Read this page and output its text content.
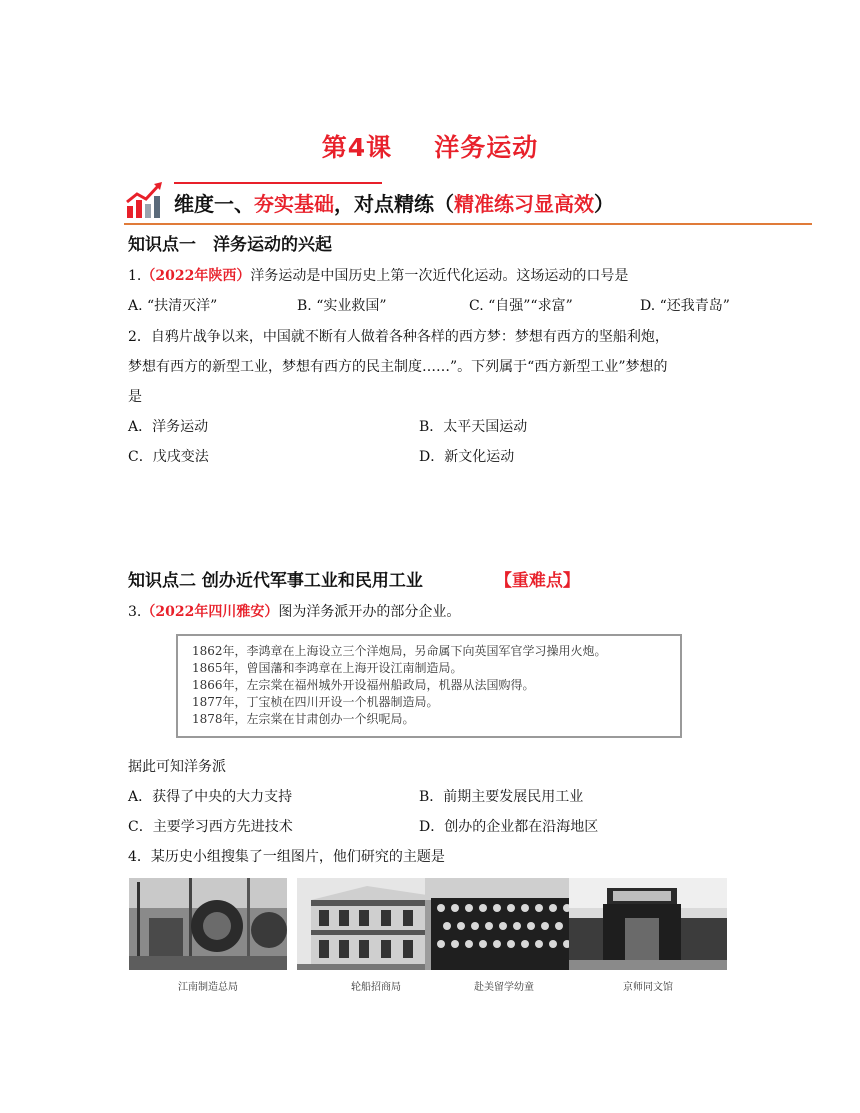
第4课 洋务运动
维度一、夯实基础，对点精练（精准练习显高效）
知识点一　洋务运动的兴起
1.（2022年陕西）洋务运动是中国历史上第一次近代化运动。这场运动的口号是
A. “扶清灭洋”	B. “实业救国”	C. “自强”“求富”	D. “还我青岛”
2．自鸦片战争以来，中国就不断有人做着各种各样的西方梦：梦想有西方的坚船利炮，
梦想有西方的新型工业，梦想有西方的民主制度……”。下列属于“西方新型工业”梦想的
是
A．洋务运动	B．太平天国运动
C．戊戌变法	D．新文化运动
知识点二 创办近代军事工业和民用工业	【重难点】
3.（2022年四川雅安）图为洋务派开办的部分企业。
1862年，李鸿章在上海设立三个洋炮局，另命属下向英国军官学习操用火炮。
1865年，曾国藩和李鸿章在上海开设江南制造局。
1866年，左宗棠在福州城外开设福州船政局，机器从法国购得。
1877年，丁宝桢在四川开设一个机器制造局。
1878年，左宗棠在甘肃创办一个织呢局。
据此可知洋务派
A．获得了中央的大力支持	B．前期主要发展民用工业
C．主要学习西方先进技术	D．创办的企业都在沿海地区
4．某历史小组搜集了一组图片，他们研究的主题是
江南制造总局	轮船招商局	赴美留学幼童	京师同文馆
